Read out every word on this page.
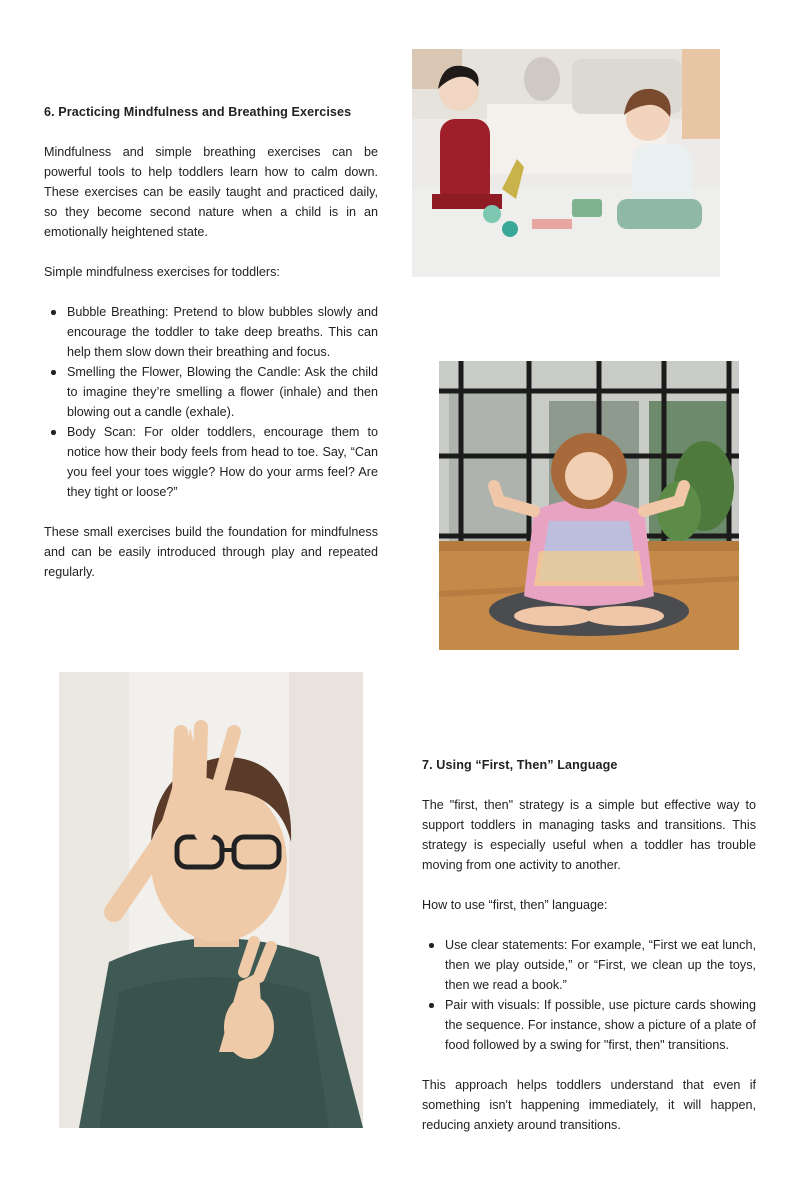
6. Practicing Mindfulness and Breathing Exercises

Mindfulness and simple breathing exercises can be powerful tools to help toddlers learn how to calm down. These exercises can be easily taught and practiced daily, so they become second nature when a child is in an emotionally heightened state.

Simple mindfulness exercises for toddlers:

Bubble Breathing: Pretend to blow bubbles slowly and encourage the toddler to take deep breaths. This can help them slow down their breathing and focus.
Smelling the Flower, Blowing the Candle: Ask the child to imagine they’re smelling a flower (inhale) and then blowing out a candle (exhale).
Body Scan: For older toddlers, encourage them to notice how their body feels from head to toe. Say, “Can you feel your toes wiggle? How do your arms feel? Are they tight or loose?”

These small exercises build the foundation for mindfulness and can be easily introduced through play and repeated regularly.

7. Using “First, Then” Language

The "first, then" strategy is a simple but effective way to support toddlers in managing tasks and transitions. This strategy is especially useful when a toddler has trouble moving from one activity to another.

How to use “first, then” language:

Use clear statements: For example, “First we eat lunch, then we play outside,” or “First, we clean up the toys, then we read a book.”
Pair with visuals: If possible, use picture cards showing the sequence. For instance, show a picture of a plate of food followed by a swing for "first, then" transitions.

This approach helps toddlers understand that even if something isn't happening immediately, it will happen, reducing anxiety around transitions.
